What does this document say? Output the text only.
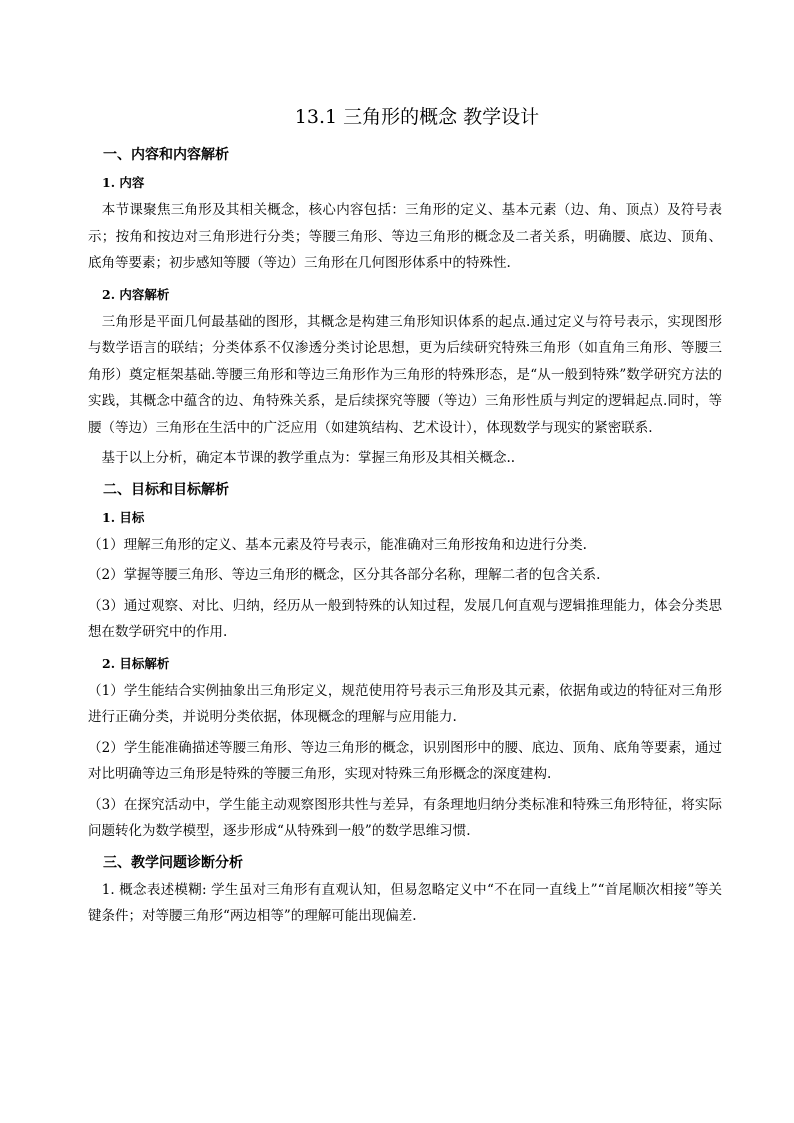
13.1 三角形的概念 教学设计
一、内容和内容解析
1. 内容
　本节课聚焦三角形及其相关概念，核心内容包括：三角形的定义、基本元素（边、角、顶点）及符号表示；按角和按边对三角形进行分类；等腰三角形、等边三角形的概念及二者关系，明确腰、底边、顶角、底角等要素；初步感知等腰（等边）三角形在几何图形体系中的特殊性.
2. 内容解析
　三角形是平面几何最基础的图形，其概念是构建三角形知识体系的起点.通过定义与符号表示，实现图形与数学语言的联结；分类体系不仅渗透分类讨论思想，更为后续研究特殊三角形（如直角三角形、等腰三角形）奠定框架基础.等腰三角形和等边三角形作为三角形的特殊形态，是“从一般到特殊”数学研究方法的实践，其概念中蕴含的边、角特殊关系，是后续探究等腰（等边）三角形性质与判定的逻辑起点.同时，等腰（等边）三角形在生活中的广泛应用（如建筑结构、艺术设计），体现数学与现实的紧密联系.
　基于以上分析，确定本节课的教学重点为：掌握三角形及其相关概念..
二、目标和目标解析
1. 目标
（1）理解三角形的定义、基本元素及符号表示，能准确对三角形按角和边进行分类.
（2）掌握等腰三角形、等边三角形的概念，区分其各部分名称，理解二者的包含关系.
（3）通过观察、对比、归纳，经历从一般到特殊的认知过程，发展几何直观与逻辑推理能力，体会分类思想在数学研究中的作用.
2. 目标解析
（1）学生能结合实例抽象出三角形定义，规范使用符号表示三角形及其元素，依据角或边的特征对三角形进行正确分类，并说明分类依据，体现概念的理解与应用能力.
（2）学生能准确描述等腰三角形、等边三角形的概念，识别图形中的腰、底边、顶角、底角等要素，通过对比明确等边三角形是特殊的等腰三角形，实现对特殊三角形概念的深度建构.
（3）在探究活动中，学生能主动观察图形共性与差异，有条理地归纳分类标准和特殊三角形特征，将实际问题转化为数学模型，逐步形成“从特殊到一般”的数学思维习惯.
三、教学问题诊断分析
　1. 概念表述模糊: 学生虽对三角形有直观认知，但易忽略定义中“不在同一直线上”“首尾顺次相接”等关键条件；对等腰三角形“两边相等”的理解可能出现偏差.
